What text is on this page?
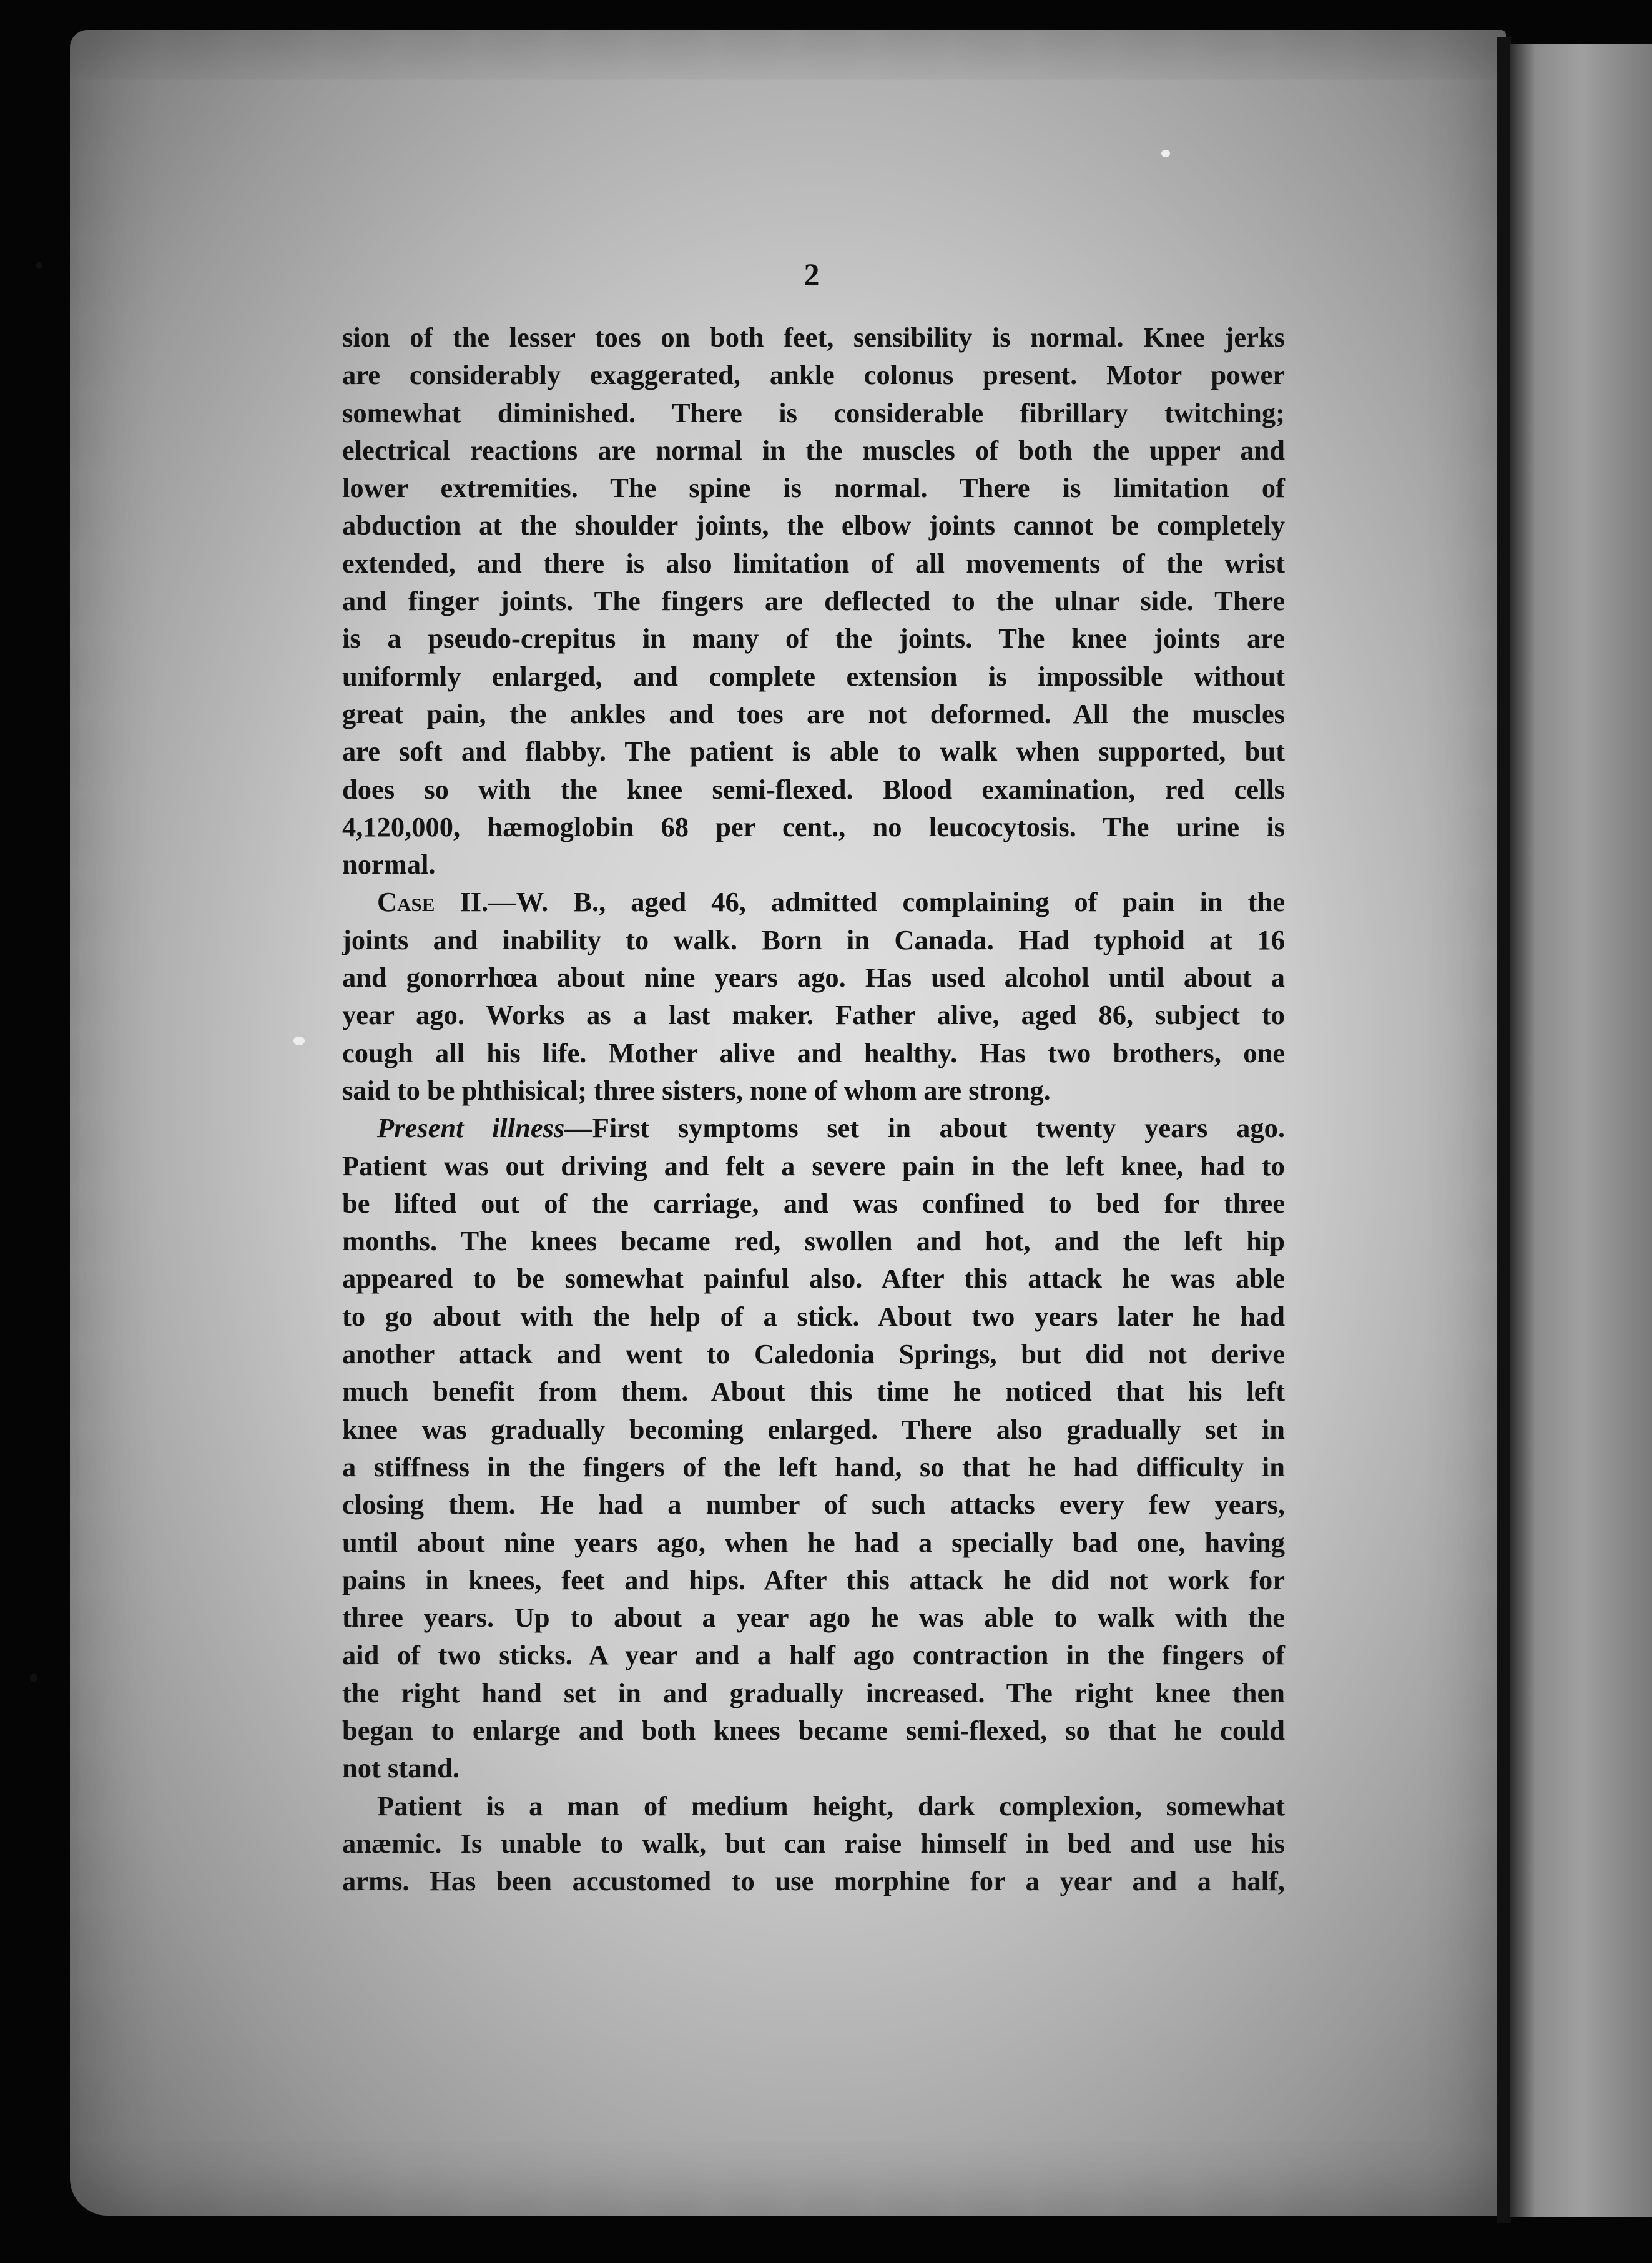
2
sion of the lesser toes on both feet, sensibility is normal. Knee jerks
are considerably exaggerated, ankle colonus present. Motor power
somewhat diminished. There is considerable fibrillary twitching;
electrical reactions are normal in the muscles of both the upper and
lower extremities. The spine is normal. There is limitation of
abduction at the shoulder joints, the elbow joints cannot be completely
extended, and there is also limitation of all movements of the wrist
and finger joints. The fingers are deflected to the ulnar side. There
is a pseudo-crepitus in many of the joints. The knee joints are
uniformly enlarged, and complete extension is impossible without
great pain, the ankles and toes are not deformed. All the muscles
are soft and flabby. The patient is able to walk when supported, but
does so with the knee semi-flexed. Blood examination, red cells
4,120,000, hæmoglobin 68 per cent., no leucocytosis. The urine is
normal.
Case II.—W. B., aged 46, admitted complaining of pain in the
joints and inability to walk. Born in Canada. Had typhoid at 16
and gonorrhœa about nine years ago. Has used alcohol until about a
year ago. Works as a last maker. Father alive, aged 86, subject to
cough all his life. Mother alive and healthy. Has two brothers, one
said to be phthisical; three sisters, none of whom are strong.
Present illness—First symptoms set in about twenty years ago.
Patient was out driving and felt a severe pain in the left knee, had to
be lifted out of the carriage, and was confined to bed for three
months. The knees became red, swollen and hot, and the left hip
appeared to be somewhat painful also. After this attack he was able
to go about with the help of a stick. About two years later he had
another attack and went to Caledonia Springs, but did not derive
much benefit from them. About this time he noticed that his left
knee was gradually becoming enlarged. There also gradually set in
a stiffness in the fingers of the left hand, so that he had difficulty in
closing them. He had a number of such attacks every few years,
until about nine years ago, when he had a specially bad one, having
pains in knees, feet and hips. After this attack he did not work for
three years. Up to about a year ago he was able to walk with the
aid of two sticks. A year and a half ago contraction in the fingers of
the right hand set in and gradually increased. The right knee then
began to enlarge and both knees became semi-flexed, so that he could
not stand.
Patient is a man of medium height, dark complexion, somewhat
anæmic. Is unable to walk, but can raise himself in bed and use his
arms. Has been accustomed to use morphine for a year and a half,
